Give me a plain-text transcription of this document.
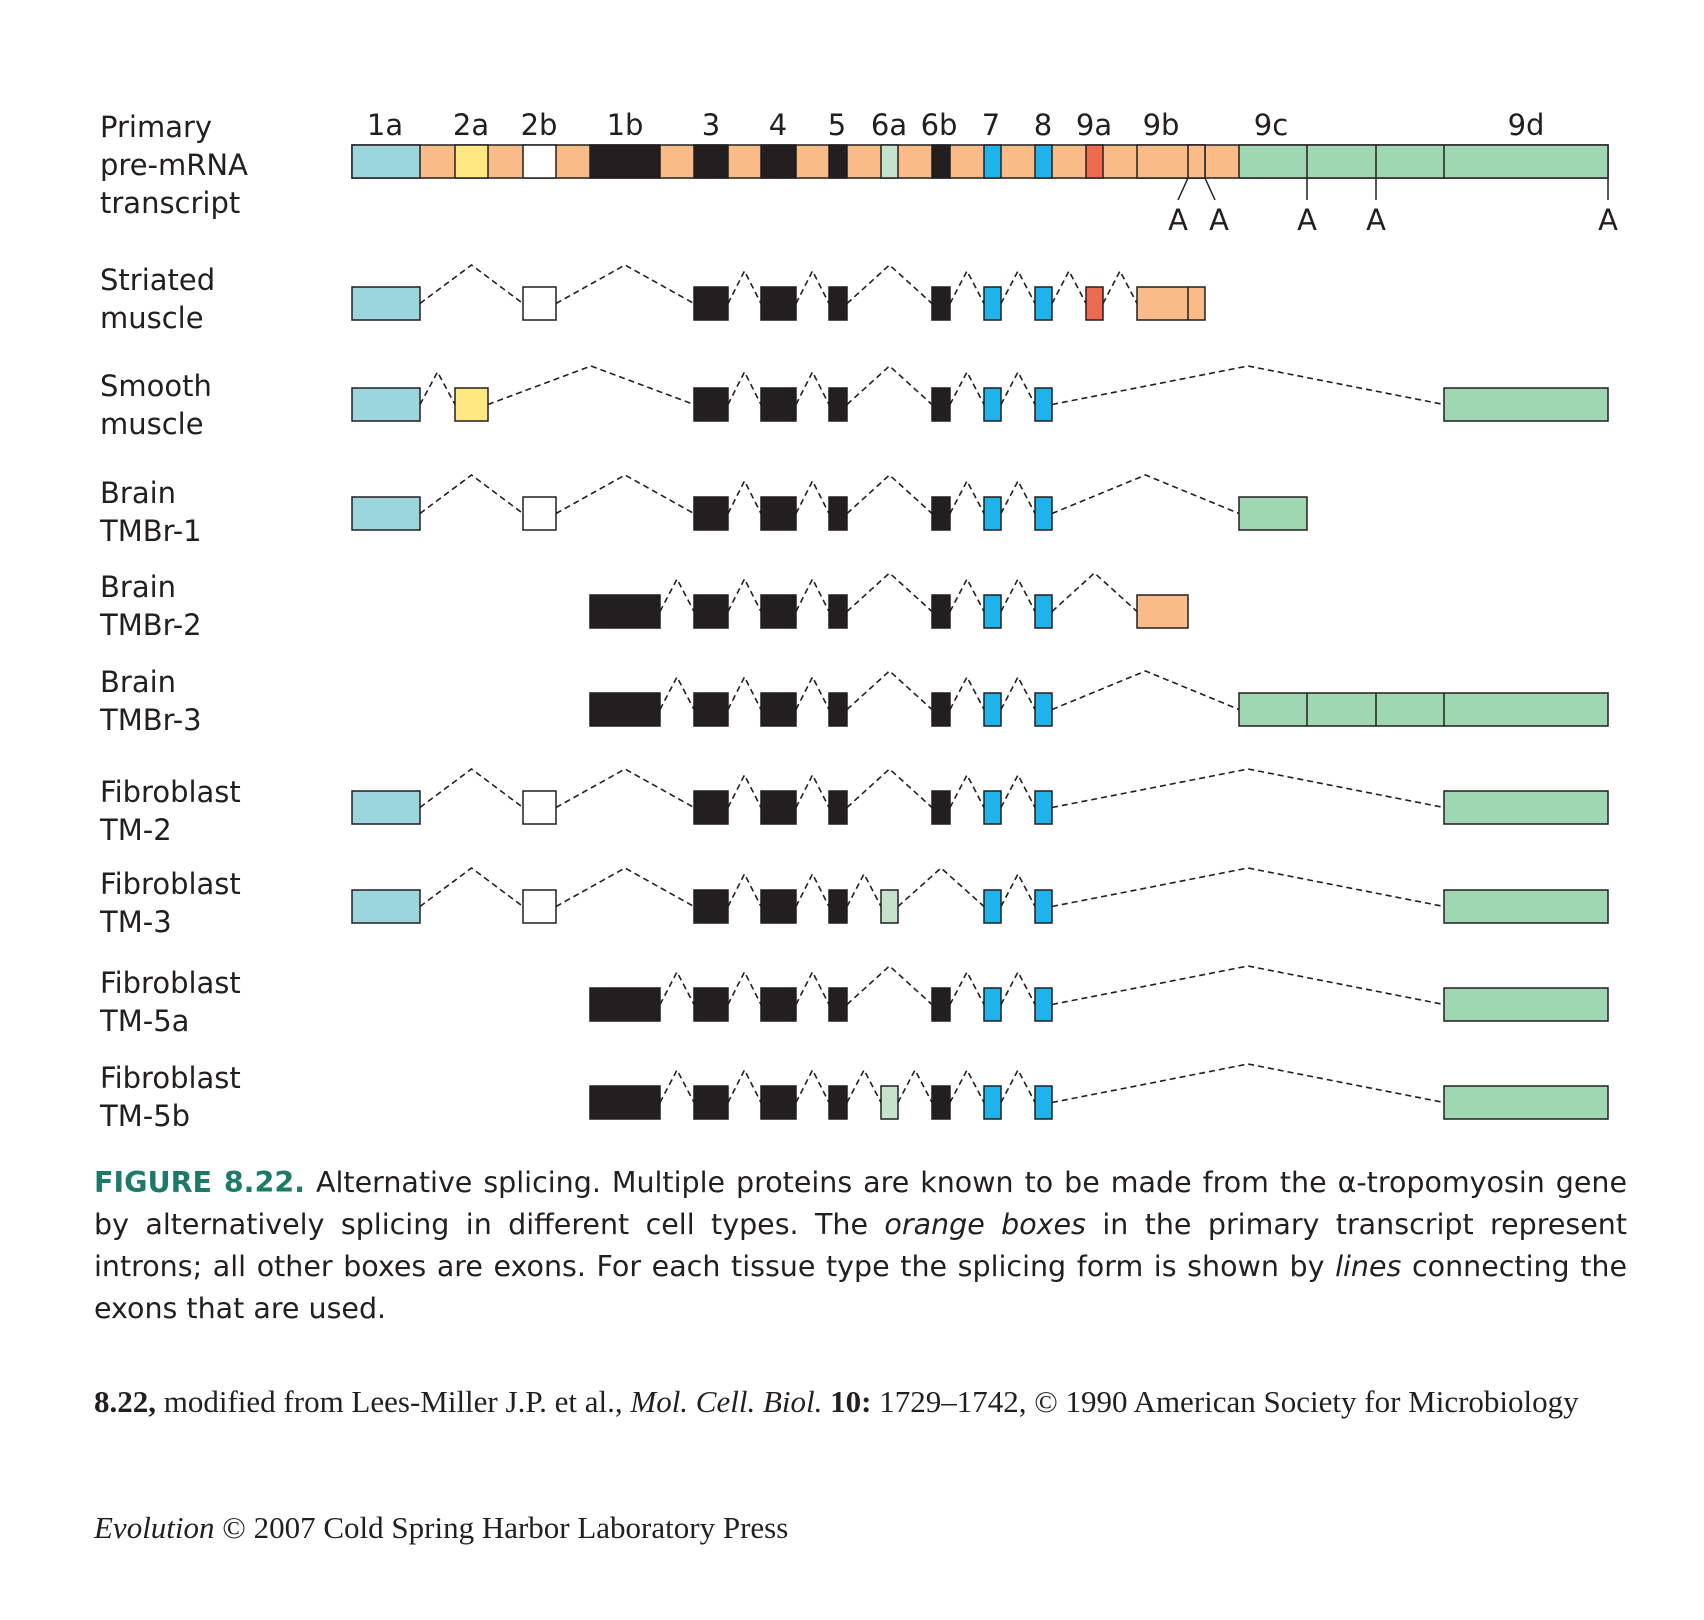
Primary
pre-mRNA
transcript
1a 2a 2b 1b 3 4 5 6a 6b 7 8 9a 9b	9c	9d
A A A A	A
Striated
muscle
Smooth
muscle
Brain
TMBr-1
Brain
TMBr-2
Brain
TMBr-3
Fibroblast
TM-2
Fibroblast
TM-3
Fibroblast
TM-5a
Fibroblast
TM-5b

FIGURE 8.22. Alternative splicing. Multiple proteins are known to be made from the α-tropomyosin gene by alternatively splicing in different cell types. The orange boxes in the primary transcript represent introns; all other boxes are exons. For each tissue type the splicing form is shown by lines connecting the exons that are used.

8.22, modified from Lees-Miller J.P. et al., Mol. Cell. Biol. 10: 1729–1742, © 1990 American Society for Microbiology

Evolution © 2007 Cold Spring Harbor Laboratory Press
